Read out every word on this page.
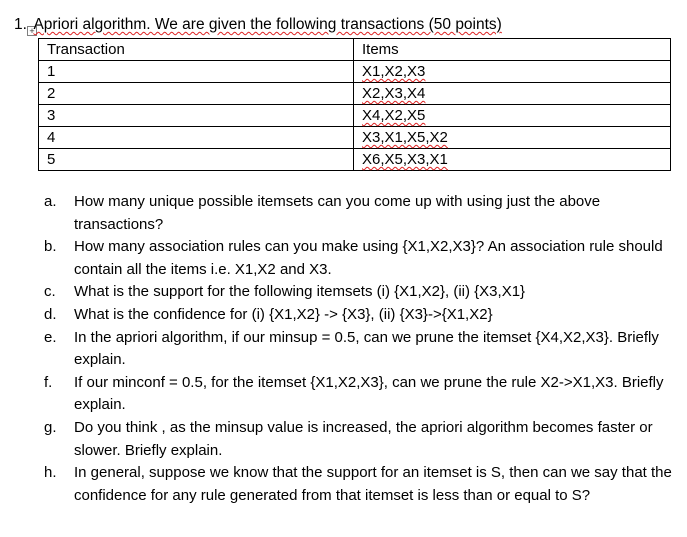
+
1. Apriori algorithm. We are given the following transactions (50 points)
Transaction	Items
1	X1,X2,X3
2	X2,X3,X4
3	X4,X2,X5
4	X3,X1,X5,X2
5	X6,X5,X3,X1
a. How many unique possible itemsets can you come up with using just the above transactions?
b. How many association rules can you make using {X1,X2,X3}? An association rule should contain all the items i.e. X1,X2 and X3.
c. What is the support for the following itemsets (i) {X1,X2}, (ii) {X3,X1}
d. What is the confidence for (i) {X1,X2} -> {X3}, (ii) {X3}->{X1,X2}
e. In the apriori algorithm, if our minsup = 0.5, can we prune the itemset {X4,X2,X3}. Briefly explain.
f. If our minconf = 0.5, for the itemset {X1,X2,X3}, can we prune the rule X2->X1,X3. Briefly explain.
g. Do you think , as the minsup value is increased, the apriori algorithm becomes faster or slower. Briefly explain.
h. In general, suppose we know that the support for an itemset is S, then can we say that the confidence for any rule generated from that itemset is less than or equal to S?
